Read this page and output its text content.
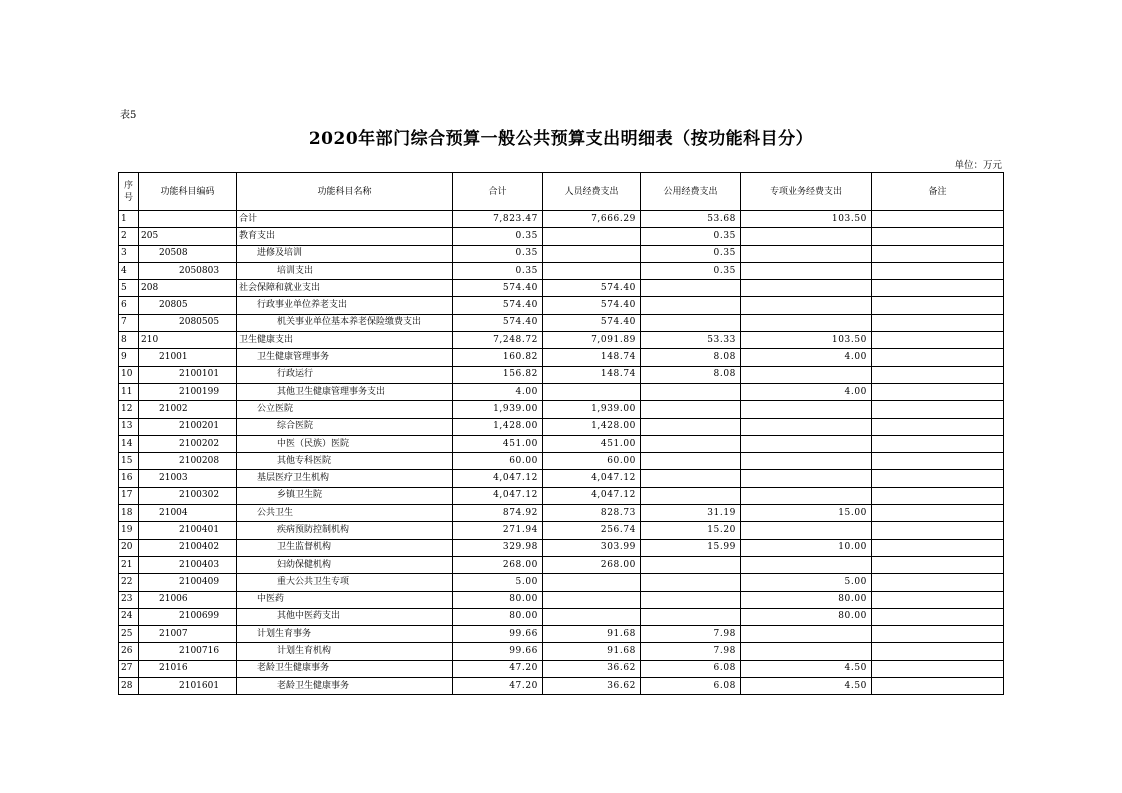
表5
2020年部门综合预算一般公共预算支出明细表（按功能科目分）
单位：万元
序号	功能科目编码	功能科目名称	合计	人员经费支出	公用经费支出	专项业务经费支出	备注
1		合计	7,823.47	7,666.29	53.68	103.50	
2	205	教育支出	0.35		0.35		
3	20508	进修及培训	0.35		0.35		
4	2050803	培训支出	0.35		0.35		
5	208	社会保障和就业支出	574.40	574.40			
6	20805	行政事业单位养老支出	574.40	574.40			
7	2080505	机关事业单位基本养老保险缴费支出	574.40	574.40			
8	210	卫生健康支出	7,248.72	7,091.89	53.33	103.50	
9	21001	卫生健康管理事务	160.82	148.74	8.08	4.00	
10	2100101	行政运行	156.82	148.74	8.08		
11	2100199	其他卫生健康管理事务支出	4.00			4.00	
12	21002	公立医院	1,939.00	1,939.00			
13	2100201	综合医院	1,428.00	1,428.00			
14	2100202	中医（民族）医院	451.00	451.00			
15	2100208	其他专科医院	60.00	60.00			
16	21003	基层医疗卫生机构	4,047.12	4,047.12			
17	2100302	乡镇卫生院	4,047.12	4,047.12			
18	21004	公共卫生	874.92	828.73	31.19	15.00	
19	2100401	疾病预防控制机构	271.94	256.74	15.20		
20	2100402	卫生监督机构	329.98	303.99	15.99	10.00	
21	2100403	妇幼保健机构	268.00	268.00			
22	2100409	重大公共卫生专项	5.00			5.00	
23	21006	中医药	80.00			80.00	
24	2100699	其他中医药支出	80.00			80.00	
25	21007	计划生育事务	99.66	91.68	7.98		
26	2100716	计划生育机构	99.66	91.68	7.98		
27	21016	老龄卫生健康事务	47.20	36.62	6.08	4.50	
28	2101601	老龄卫生健康事务	47.20	36.62	6.08	4.50	
